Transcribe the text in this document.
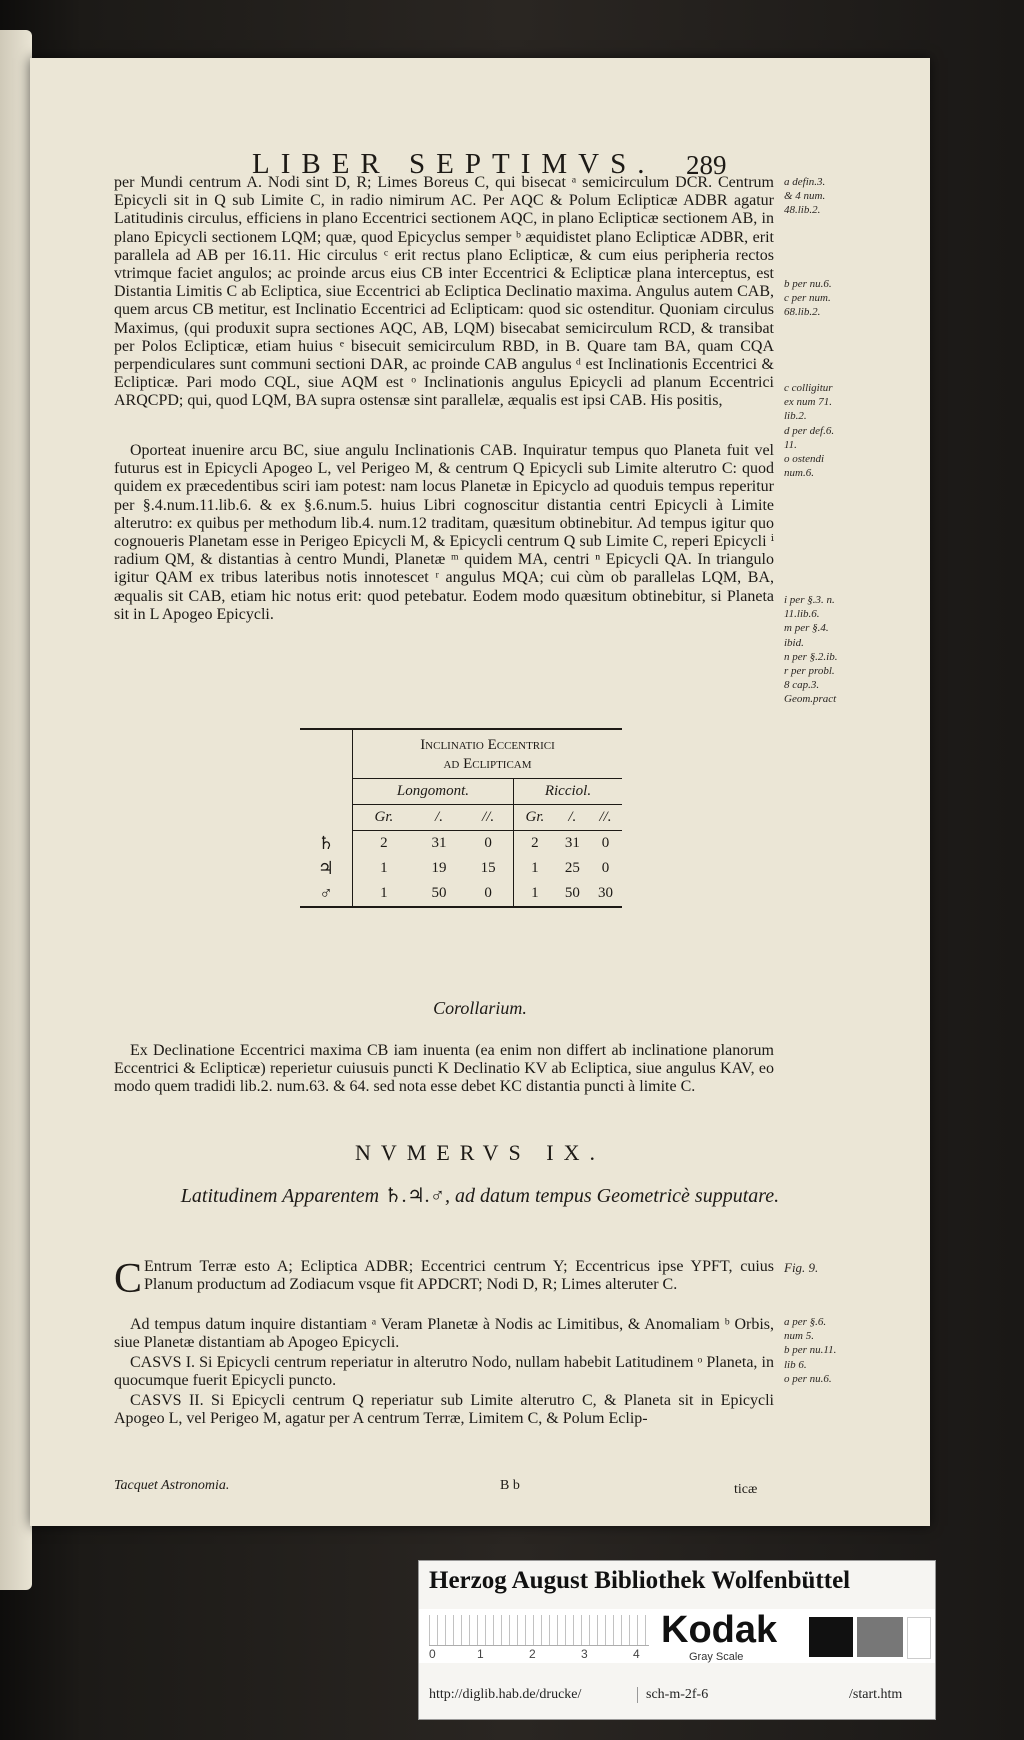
LIBER SEPTIMVS. 289

per Mundi centrum A. Nodi sint D, R; Limes Boreus C, qui bisecat ᵃ semicirculum DCR. Centrum Epicycli sit in Q sub Limite C, in radio nimirum AC. Per AQC & Polum Eclipticæ ADBR agatur Latitudinis circulus, efficiens in plano Eccentrici sectionem AQC, in plano Eclipticæ sectionem AB, in plano Epicycli sectionem LQM; quæ, quod Epicyclus semper ᵇ æquidistet plano Eclipticæ ADBR, erit parallela ad AB per 16.11. Hic circulus ᶜ erit rectus plano Eclipticæ, & cum eius peripheria rectos vtrimque faciet angulos; ac proinde arcus eius CB inter Eccentrici & Eclipticæ plana interceptus, est Distantia Limitis C ab Ecliptica, siue Eccentrici ab Ecliptica Declinatio maxima. Angulus autem CAB, quem arcus CB metitur, est Inclinatio Eccentrici ad Eclipticam: quod sic ostenditur. Quoniam circulus Maximus, (qui produxit supra sectiones AQC, AB, LQM) bisecabat semicirculum RCD, & transibat per Polos Eclipticæ, etiam huius ᵉ bisecuit semicirculum RBD, in B. Quare tam BA, quam CQA perpendiculares sunt communi sectioni DAR, ac proinde CAB angulus ᵈ est Inclinationis Eccentrici & Eclipticæ. Pari modo CQL, siue AQM est ᵒ Inclinationis angulus Epicycli ad planum Eccentrici ARQCPD; qui, quod LQM, BA supra ostensæ sint parallelæ, æqualis est ipsi CAB. His positis,

Oporteat inuenire arcu BC, siue angulu Inclinationis CAB. Inquiratur tempus quo Planeta fuit vel futurus est in Epicycli Apogeo L, vel Perigeo M, & centrum Q Epicycli sub Limite alterutro C: quod quidem ex præcedentibus sciri iam potest: nam locus Planetæ in Epicyclo ad quoduis tempus reperitur per §.4.num.11.lib.6. & ex §.6.num.5. huius Libri cognoscitur distantia centri Epicycli à Limite alterutro: ex quibus per methodum lib.4. num.12 traditam, quæsitum obtinebitur. Ad tempus igitur quo cognoueris Planetam esse in Perigeo Epicycli M, & Epicycli centrum Q sub Limite C, reperi Epicycli ⁱ radium QM, & distantias à centro Mundi, Planetæ ᵐ quidem MA, centri ⁿ Epicycli QA. In triangulo igitur QAM ex tribus lateribus notis innotescet ʳ angulus MQA; cui cùm ob parallelas LQM, BA, æqualis sit CAB, etiam hic notus erit: quod petebatur. Eodem modo quæsitum obtinebitur, si Planeta sit in L Apogeo Epicycli.

a defin.3.

& 4 num.

48.lib.2.

b per nu.6.

c per num.

68.lib.2.

c colligitur

ex num 71.

lib.2.

d per def.6.

11.

o ostendi

num.6.

i per §.3. n.

11.lib.6.

m per §.4.

ibid.

n per §.2.ib.

r per probl.

8 cap.3.

Geom.pract

	Inclinatio Eccentrici
ad Eclipticam					
	Longomont.			Ricciol.		
	Gr.	/.	//.	Gr.	/.	//.
♄	2	31	0	2	31	0
♃	1	19	15	1	25	0
♂	1	50	0	1	50	30
Corollarium.

Ex Declinatione Eccentrici maxima CB iam inuenta (ea enim non differt ab inclinatione planorum Eccentrici & Eclipticæ) reperietur cuiusuis puncti K Declinatio KV ab Ecliptica, siue angulus KAV, eo modo quem tradidi lib.2. num.63. & 64. sed nota esse debet KC distantia puncti à limite C.

NVMERVS IX.
Latitudinem Apparentem ♄.♃.♂, ad datum tempus Geometricè supputare.
C Entrum Terræ esto A; Ecliptica ADBR; Eccentrici centrum Y; Eccentricus ipse YPFT, cuius Planum productum ad Zodiacum vsque fit APDCRT; Nodi D, R; Limes alteruter C.

Ad tempus datum inquire distantiam ᵃ Veram Planetæ à Nodis ac Limitibus, & Anomaliam ᵇ Orbis, siue Planetæ distantiam ab Apogeo Epicycli.

CASVS I. Si Epicycli centrum reperiatur in alterutro Nodo, nullam habebit Latitudinem ᵒ Planeta, in quocumque fuerit Epicycli puncto.

CASVS II. Si Epicycli centrum Q reperiatur sub Limite alterutro C, & Planeta sit in Epicycli Apogeo L, vel Perigeo M, agatur per A centrum Terræ, Limitem C, & Polum Eclip-

Fig. 9.

a per §.6.

num 5.

b per nu.11.

lib 6.

o per nu.6.

Tacquet Astronomia.	B b	ticæ
Herzog August Bibliothek Wolfenbüttel
0	1	2	3	4
Kodak
Gray Scale
http://diglib.hab.de/drucke/	sch-m-2f-6	/start.htm
